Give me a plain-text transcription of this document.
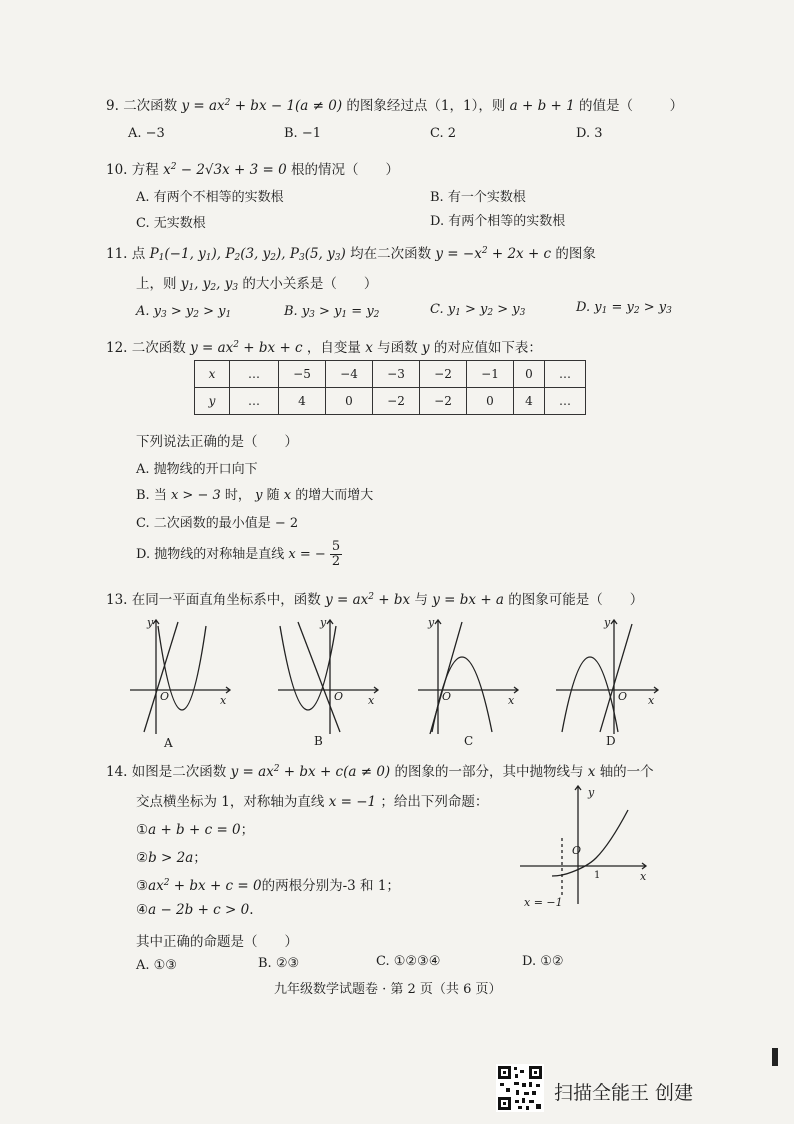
9. 二次函数 $y = ax^2$ + bx − 1(a ≠ 0) 的图象经过点（1，1），则 a + b + 1 的值是（	）
A. −3	B. −1	C. 2	D. 3
10. 方程 $x^2 - 2√3x + 3 = 0$ 根的情况（　　）
A. 有两个不相等的实数根	B. 有一个实数根
C. 无实数根	D. 有两个相等的实数根
11. 点 $P_1(-1$, $y_1$), $P_2(3$, $y_2$), $P_3(5$, $y_3$) 均在二次函数 $y = -x^2 + 2x + c$ 的图象
上，则 $y_1$, $y_2$, $y_3$ 的大小关系是（　　）
A. $y_3 > y_2 > y_1$	B. $y_3 > y_1 = y_2$	C. $y_1 > y_2 > y_3$	D. $y_1 = y_2 > y_3$
12. 二次函数 $y = ax^2$ + bx + c ，自变量 x 与函数 y 的对应值如下表：
x	…	−5	−4	−3	−2	−1	0	…
y	…	4	0	−2	−2	0	4	…
下列说法正确的是（　　）
A. 抛物线的开口向下
B. 当 x > − 3 时， y 随 x 的增大而增大
C. 二次函数的最小值是 − 2
D. 抛物线的对称轴是直线 x = − $\frac{5}{2}$
13. 在同一平面直角坐标系中，函数 $y = ax^2$ + bx 与 y = bx + a 的图象可能是（　　）
y
x
O
y
x
O
y
x
O
y
x
O
A	B	C	D
14. 如图是二次函数 $y = ax^2$ + bx + c(a ≠ 0) 的图象的一部分，其中抛物线与 x 轴的一个
交点横坐标为 1，对称轴为直线 x = −1 ；给出下列命题：
①a + b + c = 0；
②b > 2a；
$③ax^2$ + bx + c = 0的两根分别为-3 和 1；
④a − 2b + c > 0.
其中正确的命题是（　　）
A. ①③	B. ②③	C. ①②③④	D. ①②
y
x
O
1
x = −1
九年级数学试题卷 · 第 2 页（共 6 页）
扫描全能王 创建
